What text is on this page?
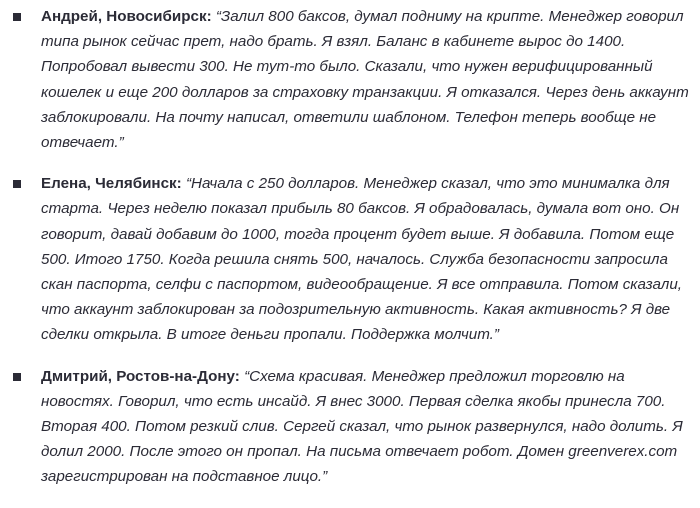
Андрей, Новосибирск: “Залил 800 баксов, думал подниму на крипте. Менеджер говорил типа рынок сейчас прет, надо брать. Я взял. Баланс в кабинете вырос до 1400. Попробовал вывести 300. Не тут-то было. Сказали, что нужен верифицированный кошелек и еще 200 долларов за страховку транзакции. Я отказался. Через день аккаунт заблокировали. На почту написал, ответили шаблоном. Телефон теперь вообще не отвечает.”
Елена, Челябинск: “Начала с 250 долларов. Менеджер сказал, что это минималка для старта. Через неделю показал прибыль 80 баксов. Я обрадовалась, думала вот оно. Он говорит, давай добавим до 1000, тогда процент будет выше. Я добавила. Потом еще 500. Итого 1750. Когда решила снять 500, началось. Служба безопасности запросила скан паспорта, селфи с паспортом, видеообращение. Я все отправила. Потом сказали, что аккаунт заблокирован за подозрительную активность. Какая активность? Я две сделки открыла. В итоге деньги пропали. Поддержка молчит.”
Дмитрий, Ростов-на-Дону: “Схема красивая. Менеджер предложил торговлю на новостях. Говорил, что есть инсайд. Я внес 3000. Первая сделка якобы принесла 700. Вторая 400. Потом резкий слив. Сергей сказал, что рынок развернулся, надо долить. Я долил 2000. После этого он пропал. На письма отвечает робот. Домен greenverex.com зарегистрирован на подставное лицо.”
